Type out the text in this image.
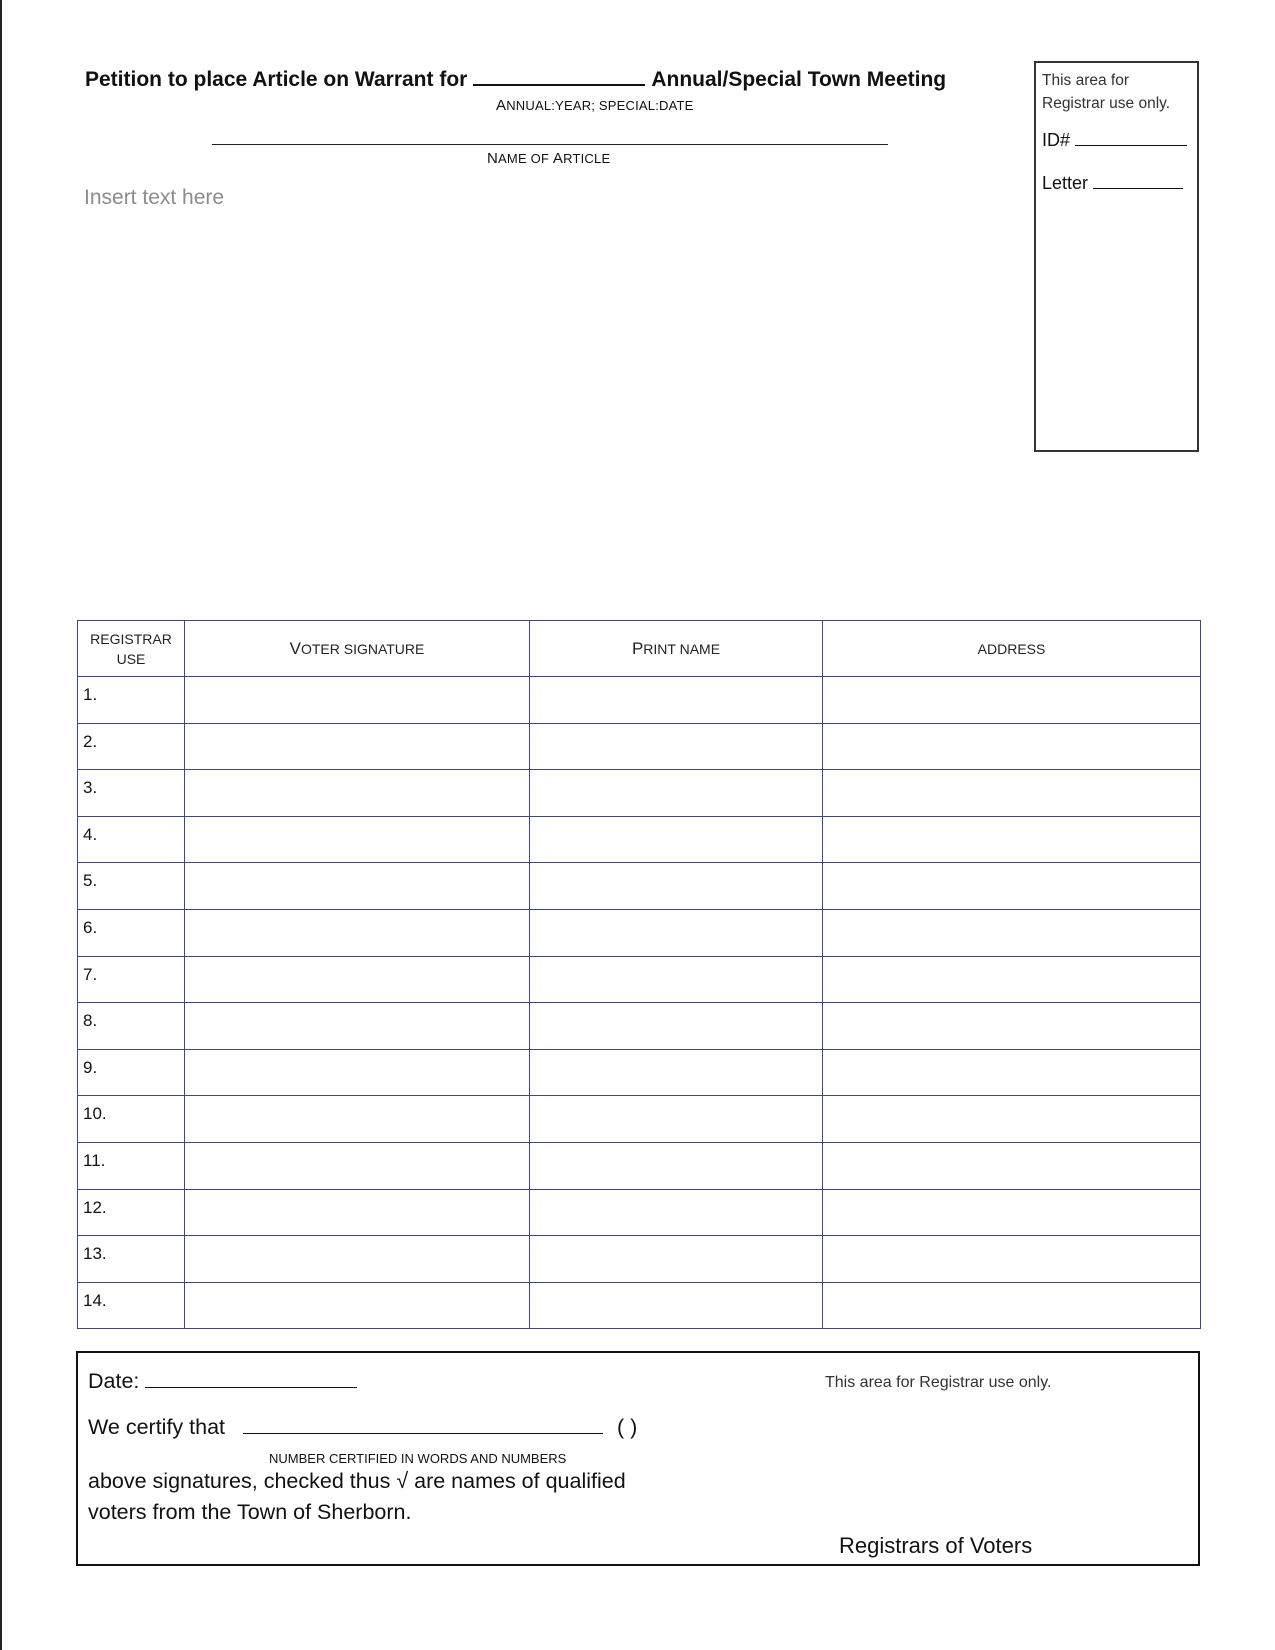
Petition to place Article on Warrant for	Annual/Special Town Meeting
ANNUAL:YEAR; SPECIAL:DATE
NAME OF ARTICLE
Insert text here
This area for Registrar use only.
ID#
Letter
REGISTRAR USE	VOTER SIGNATURE	PRINT NAME	ADDRESS
1.			
2.			
3.			
4.			
5.			
6.			
7.			
8.			
9.			
10.			
11.			
12.			
13.			
14.			
Date:	This area for Registrar use only.
We certify that	( )
NUMBER CERTIFIED IN WORDS AND NUMBERS
above signatures, checked thus √ are names of qualified
voters from the Town of Sherborn.
Registrars of Voters
